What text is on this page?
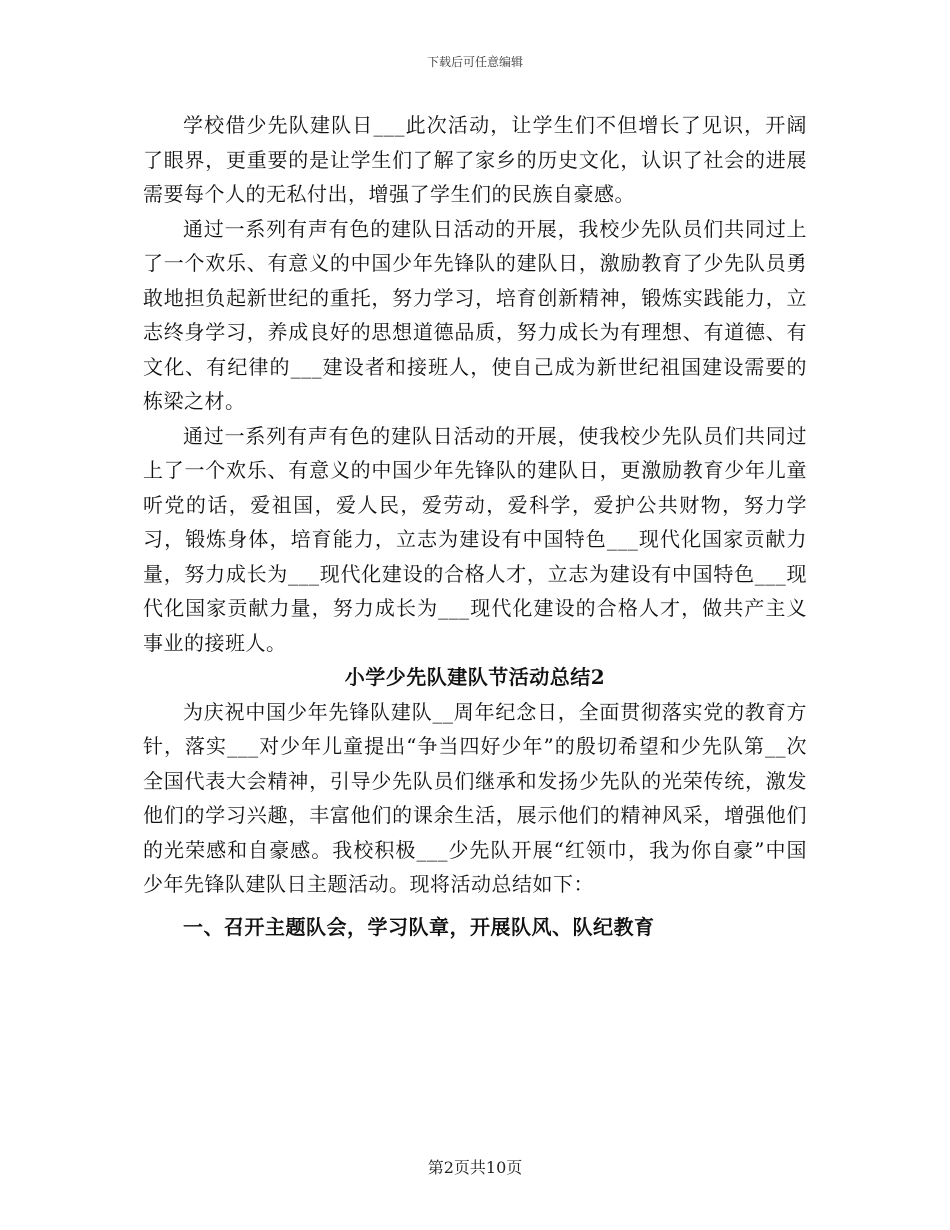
下载后可任意编辑

学校借少先队建队日___此次活动，让学生们不但增长了见识，开阔了眼界，更重要的是让学生们了解了家乡的历史文化，认识了社会的进展需要每个人的无私付出，增强了学生们的民族自豪感。

通过一系列有声有色的建队日活动的开展，我校少先队员们共同过上了一个欢乐、有意义的中国少年先锋队的建队日，激励教育了少先队员勇敢地担负起新世纪的重托，努力学习，培育创新精神，锻炼实践能力，立志终身学习，养成良好的思想道德品质，努力成长为有理想、有道德、有文化、有纪律的___建设者和接班人，使自己成为新世纪祖国建设需要的栋梁之材。

通过一系列有声有色的建队日活动的开展，使我校少先队员们共同过上了一个欢乐、有意义的中国少年先锋队的建队日，更激励教育少年儿童听党的话，爱祖国，爱人民，爱劳动，爱科学，爱护公共财物，努力学习，锻炼身体，培育能力，立志为建设有中国特色___现代化国家贡献力量，努力成长为___现代化建设的合格人才，立志为建设有中国特色___现代化国家贡献力量，努力成长为___现代化建设的合格人才，做共产主义事业的接班人。

小学少先队建队节活动总结2

为庆祝中国少年先锋队建队__周年纪念日，全面贯彻落实党的教育方针，落实___对少年儿童提出“争当四好少年”的殷切希望和少先队第__次全国代表大会精神，引导少先队员们继承和发扬少先队的光荣传统，激发他们的学习兴趣，丰富他们的课余生活，展示他们的精神风采，增强他们的光荣感和自豪感。我校积极___少先队开展“红领巾，我为你自豪”中国少年先锋队建队日主题活动。现将活动总结如下：

一、召开主题队会，学习队章，开展队风、队纪教育

第2页共10页
